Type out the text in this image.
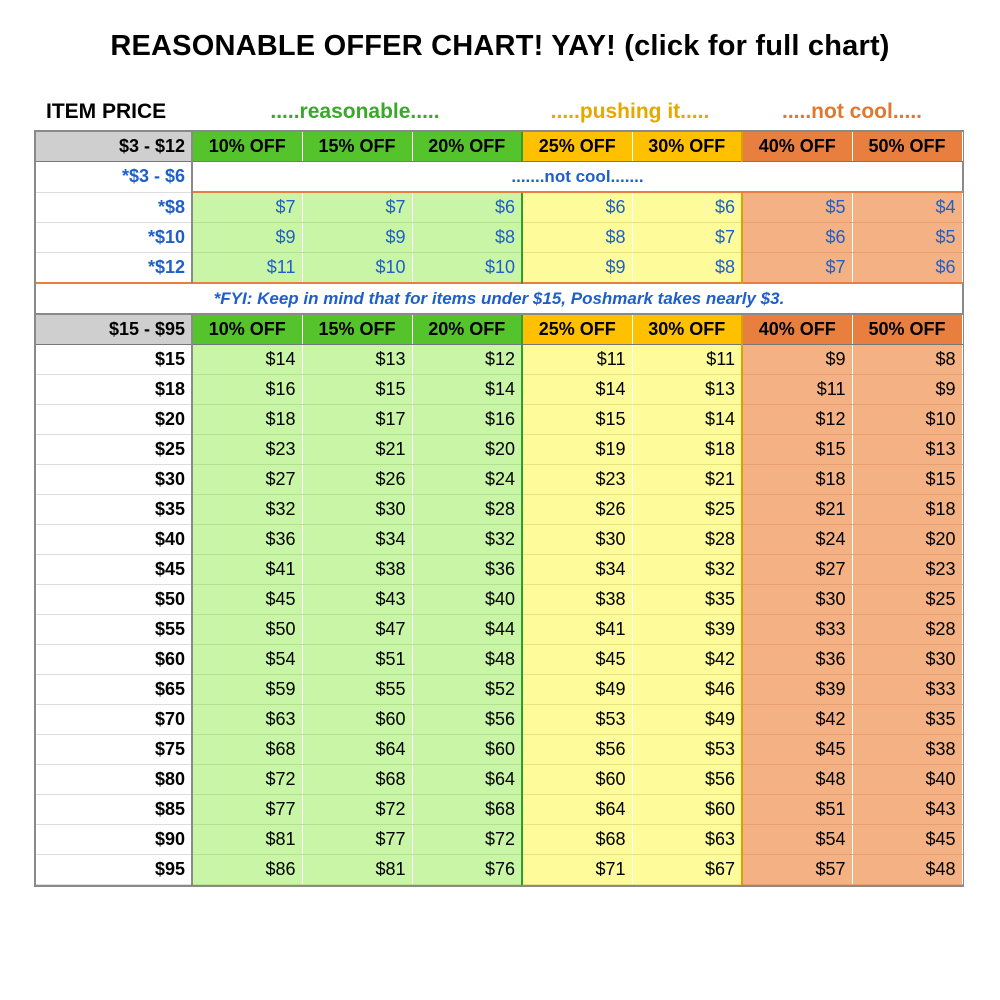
REASONABLE OFFER CHART! YAY! (click for full chart)
ITEM PRICE	.....reasonable.....	.....pushing it.....	.....not cool.....
$3 - $12	10% OFF	15% OFF	20% OFF	25% OFF	30% OFF	40% OFF	50% OFF
*$3 - $6	.......not cool.......						
*$8	$7	$7	$6	$6	$6	$5	$4
*$10	$9	$9	$8	$8	$7	$6	$5
*$12	$11	$10	$10	$9	$8	$7	$6
*FYI: Keep in mind that for items under $15, Poshmark takes nearly $3.							
$15 - $95	10% OFF	15% OFF	20% OFF	25% OFF	30% OFF	40% OFF	50% OFF
$15	$14	$13	$12	$11	$11	$9	$8
$18	$16	$15	$14	$14	$13	$11	$9
$20	$18	$17	$16	$15	$14	$12	$10
$25	$23	$21	$20	$19	$18	$15	$13
$30	$27	$26	$24	$23	$21	$18	$15
$35	$32	$30	$28	$26	$25	$21	$18
$40	$36	$34	$32	$30	$28	$24	$20
$45	$41	$38	$36	$34	$32	$27	$23
$50	$45	$43	$40	$38	$35	$30	$25
$55	$50	$47	$44	$41	$39	$33	$28
$60	$54	$51	$48	$45	$42	$36	$30
$65	$59	$55	$52	$49	$46	$39	$33
$70	$63	$60	$56	$53	$49	$42	$35
$75	$68	$64	$60	$56	$53	$45	$38
$80	$72	$68	$64	$60	$56	$48	$40
$85	$77	$72	$68	$64	$60	$51	$43
$90	$81	$77	$72	$68	$63	$54	$45
$95	$86	$81	$76	$71	$67	$57	$48
